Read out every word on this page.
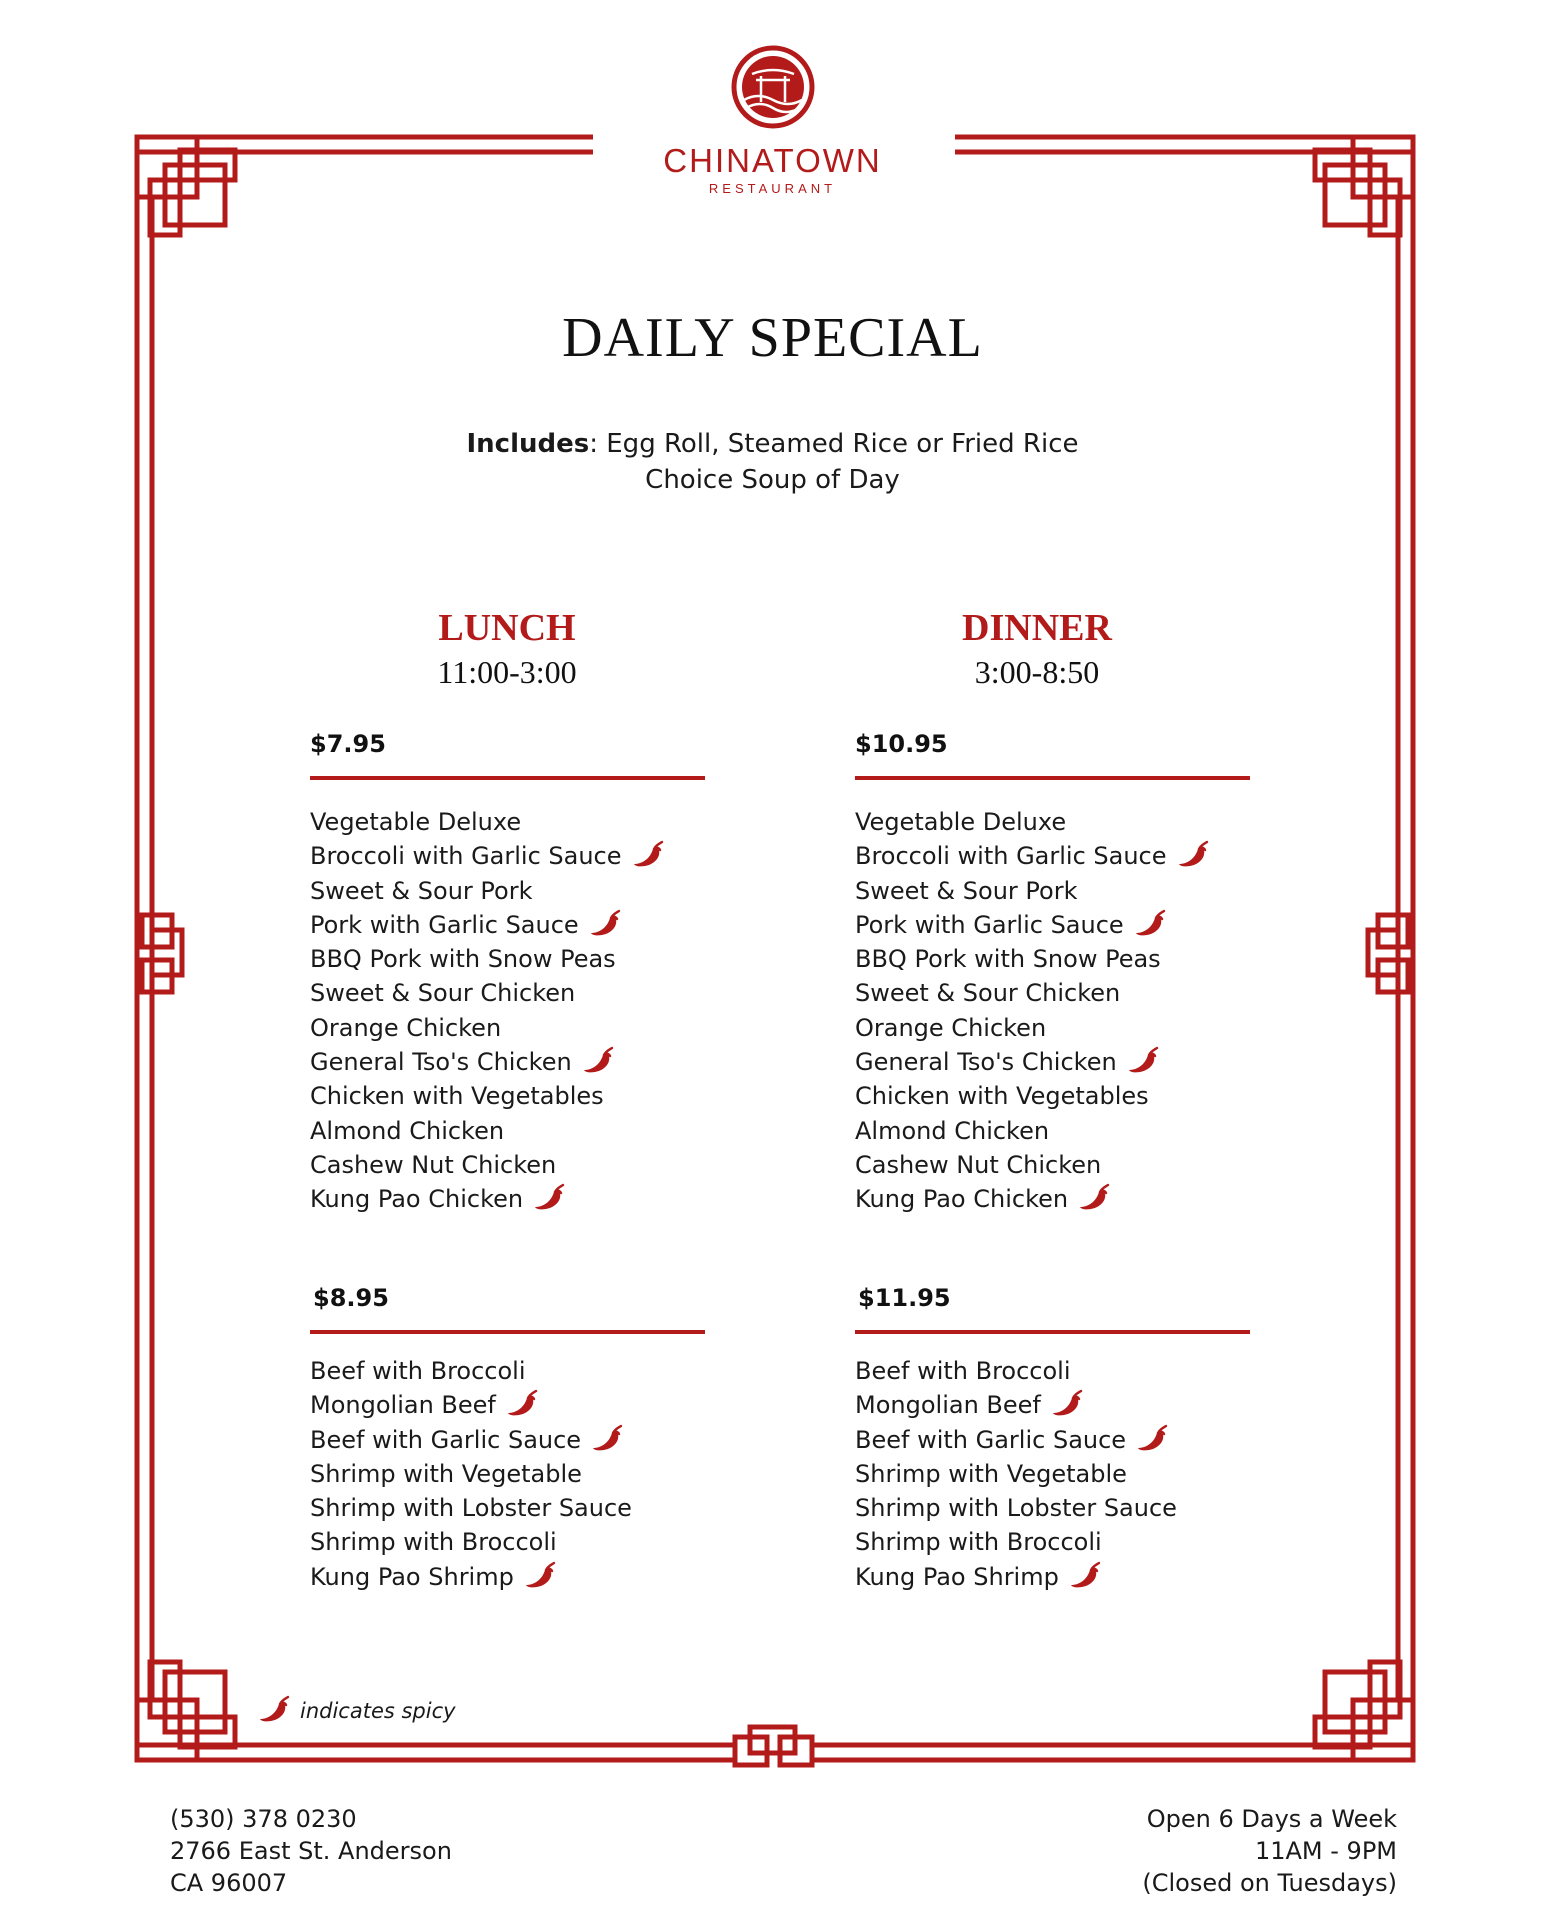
CHINATOWN
RESTAURANT
DAILY SPECIAL
Includes: Egg Roll, Steamed Rice or Fried Rice
Choice Soup of Day
LUNCH
11:00-3:00
DINNER
3:00-8:50
$7.95	$10.95
$8.95	$11.95
Vegetable Deluxe
Broccoli with Garlic Sauce
Sweet & Sour Pork
Pork with Garlic Sauce
BBQ Pork with Snow Peas
Sweet & Sour Chicken
Orange Chicken
General Tso's Chicken
Chicken with Vegetables
Almond Chicken
Cashew Nut Chicken
Kung Pao Chicken
Vegetable Deluxe
Broccoli with Garlic Sauce
Sweet & Sour Pork
Pork with Garlic Sauce
BBQ Pork with Snow Peas
Sweet & Sour Chicken
Orange Chicken
General Tso's Chicken
Chicken with Vegetables
Almond Chicken
Cashew Nut Chicken
Kung Pao Chicken
Beef with Broccoli
Mongolian Beef
Beef with Garlic Sauce
Shrimp with Vegetable
Shrimp with Lobster Sauce
Shrimp with Broccoli
Kung Pao Shrimp
Beef with Broccoli
Mongolian Beef
Beef with Garlic Sauce
Shrimp with Vegetable
Shrimp with Lobster Sauce
Shrimp with Broccoli
Kung Pao Shrimp
indicates spicy
(530) 378 0230
2766 East St. Anderson
CA 96007
Open 6 Days a Week
11AM - 9PM
(Closed on Tuesdays)
